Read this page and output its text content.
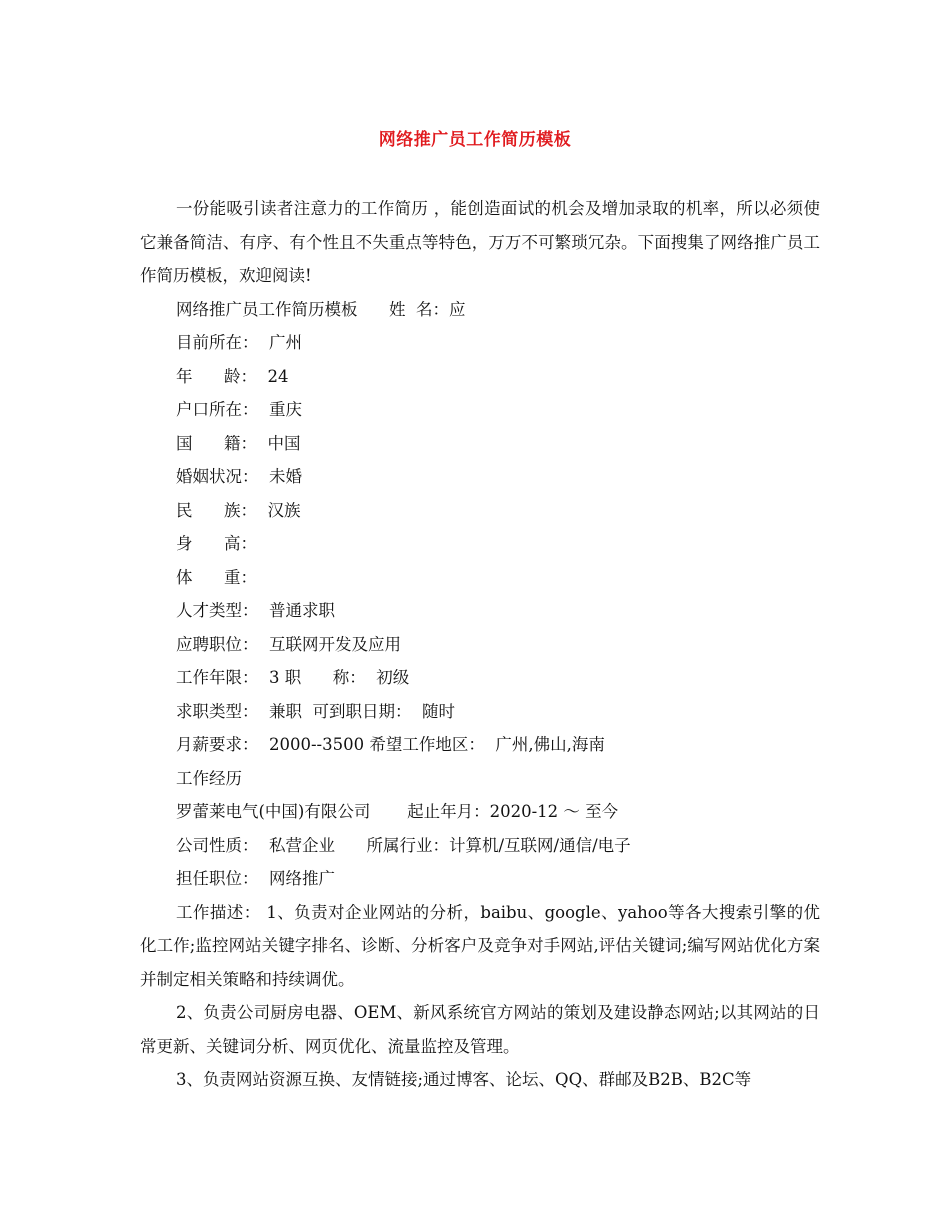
网络推广员工作简历模板

一份能吸引读者注意力的工作简历 ，能创造面试的机会及增加录取的机率，所以必须使它兼备简洁、有序、有个性且不失重点等特色，万万不可繁琐冗杂。下面搜集了网络推广员工作简历模板，欢迎阅读!

网络推广员工作简历模板      姓  名：应
目前所在：  广州
年      龄：  24
户口所在：  重庆
国      籍：  中国
婚姻状况：  未婚
民      族：  汉族
身      高：
体      重：
人才类型：  普通求职
应聘职位：  互联网开发及应用
工作年限：  3 职      称：  初级
求职类型：  兼职  可到职日期：  随时
月薪要求：  2000--3500 希望工作地区：  广州,佛山,海南
工作经历
罗蕾莱电气(中国)有限公司       起止年月：2020-12 ～ 至今
公司性质：  私营企业      所属行业：计算机/互联网/通信/电子
担任职位：  网络推广

工作描述： 1、负责对企业网站的分析，baibu、google、yahoo等各大搜索引擎的优化工作;监控网站关键字排名、诊断、分析客户及竞争对手网站,评估关键词;编写网站优化方案并制定相关策略和持续调优。

2、负责公司厨房电器、OEM、新风系统官方网站的策划及建设静态网站;以其网站的日常更新、关键词分析、网页优化、流量监控及管理。

3、负责网站资源互换、友情链接;通过博客、论坛、QQ、群邮及B2B、B2C等
